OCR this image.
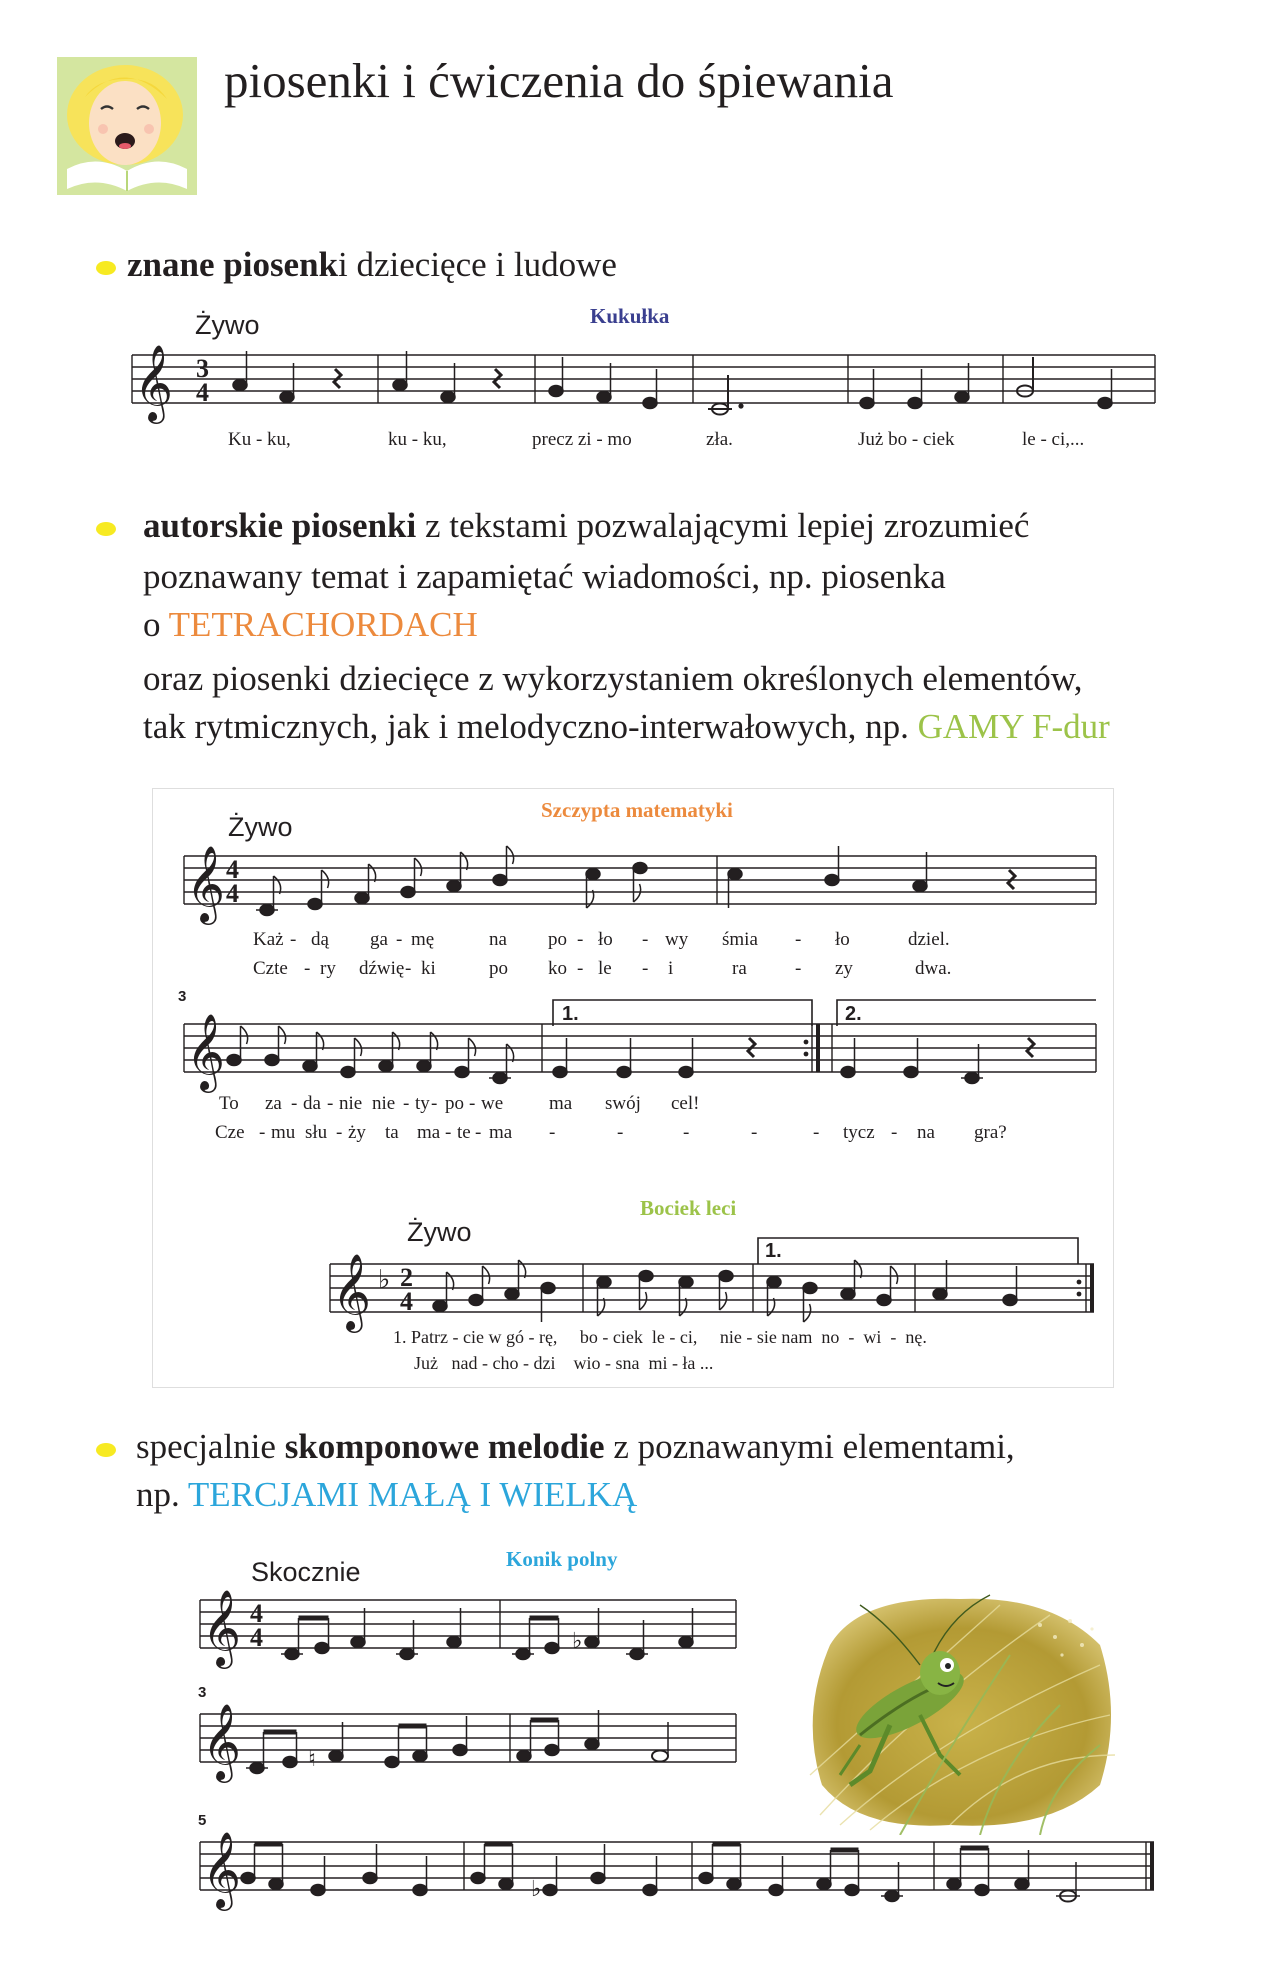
piosenki i ćwiczenia do śpiewania
znane piosenki dziecięce i ludowe
Kukułka
Żywo
𝄞 3
4
Ku - ku,	ku - ku,	precz zi - mo	zła.	Już bo - ciek	le - ci,...
autorskie piosenki z tekstami pozwalającymi lepiej zrozumieć
poznawany temat i zapamiętać wiadomości, np. piosenka
o TETRACHORDACH
oraz piosenki dziecięce z wykorzystaniem określonych elementów,
tak rytmicznych, jak i melodyczno-interwałowych, np. GAMY F-dur
Szczypta matematyki
Żywo
𝄞 4
4
Każ - dą ga - mę	na po - ło - wy śmia - ło	dziel.
Czte - ry dźwię - ki	po ko - le - i	ra	- zy	dwa.
3
𝄞	1.	2.
To za - da - nie nie - ty - po - we ma swój cel!
Cze - mu słu - ży ta ma - te - ma -	-	-	-	- tycz - na gra?
Bociek leci
Żywo
𝄞 ♭ 2
4
1.
1. Patrz - cie w gó - rę,     bo - ciek  le - ci,     nie - sie nam  no  -  wi  -  nę.
Już   nad - cho - dzi    wio - sna  mi - ła ...
specjalnie skomponowe melodie z poznawanymi elementami,
np. TERCJAMI MAŁĄ I WIELKĄ
Konik polny
Skocznie
𝄞 4
4	♭
3
𝄞	♮
5
𝄞	♭
